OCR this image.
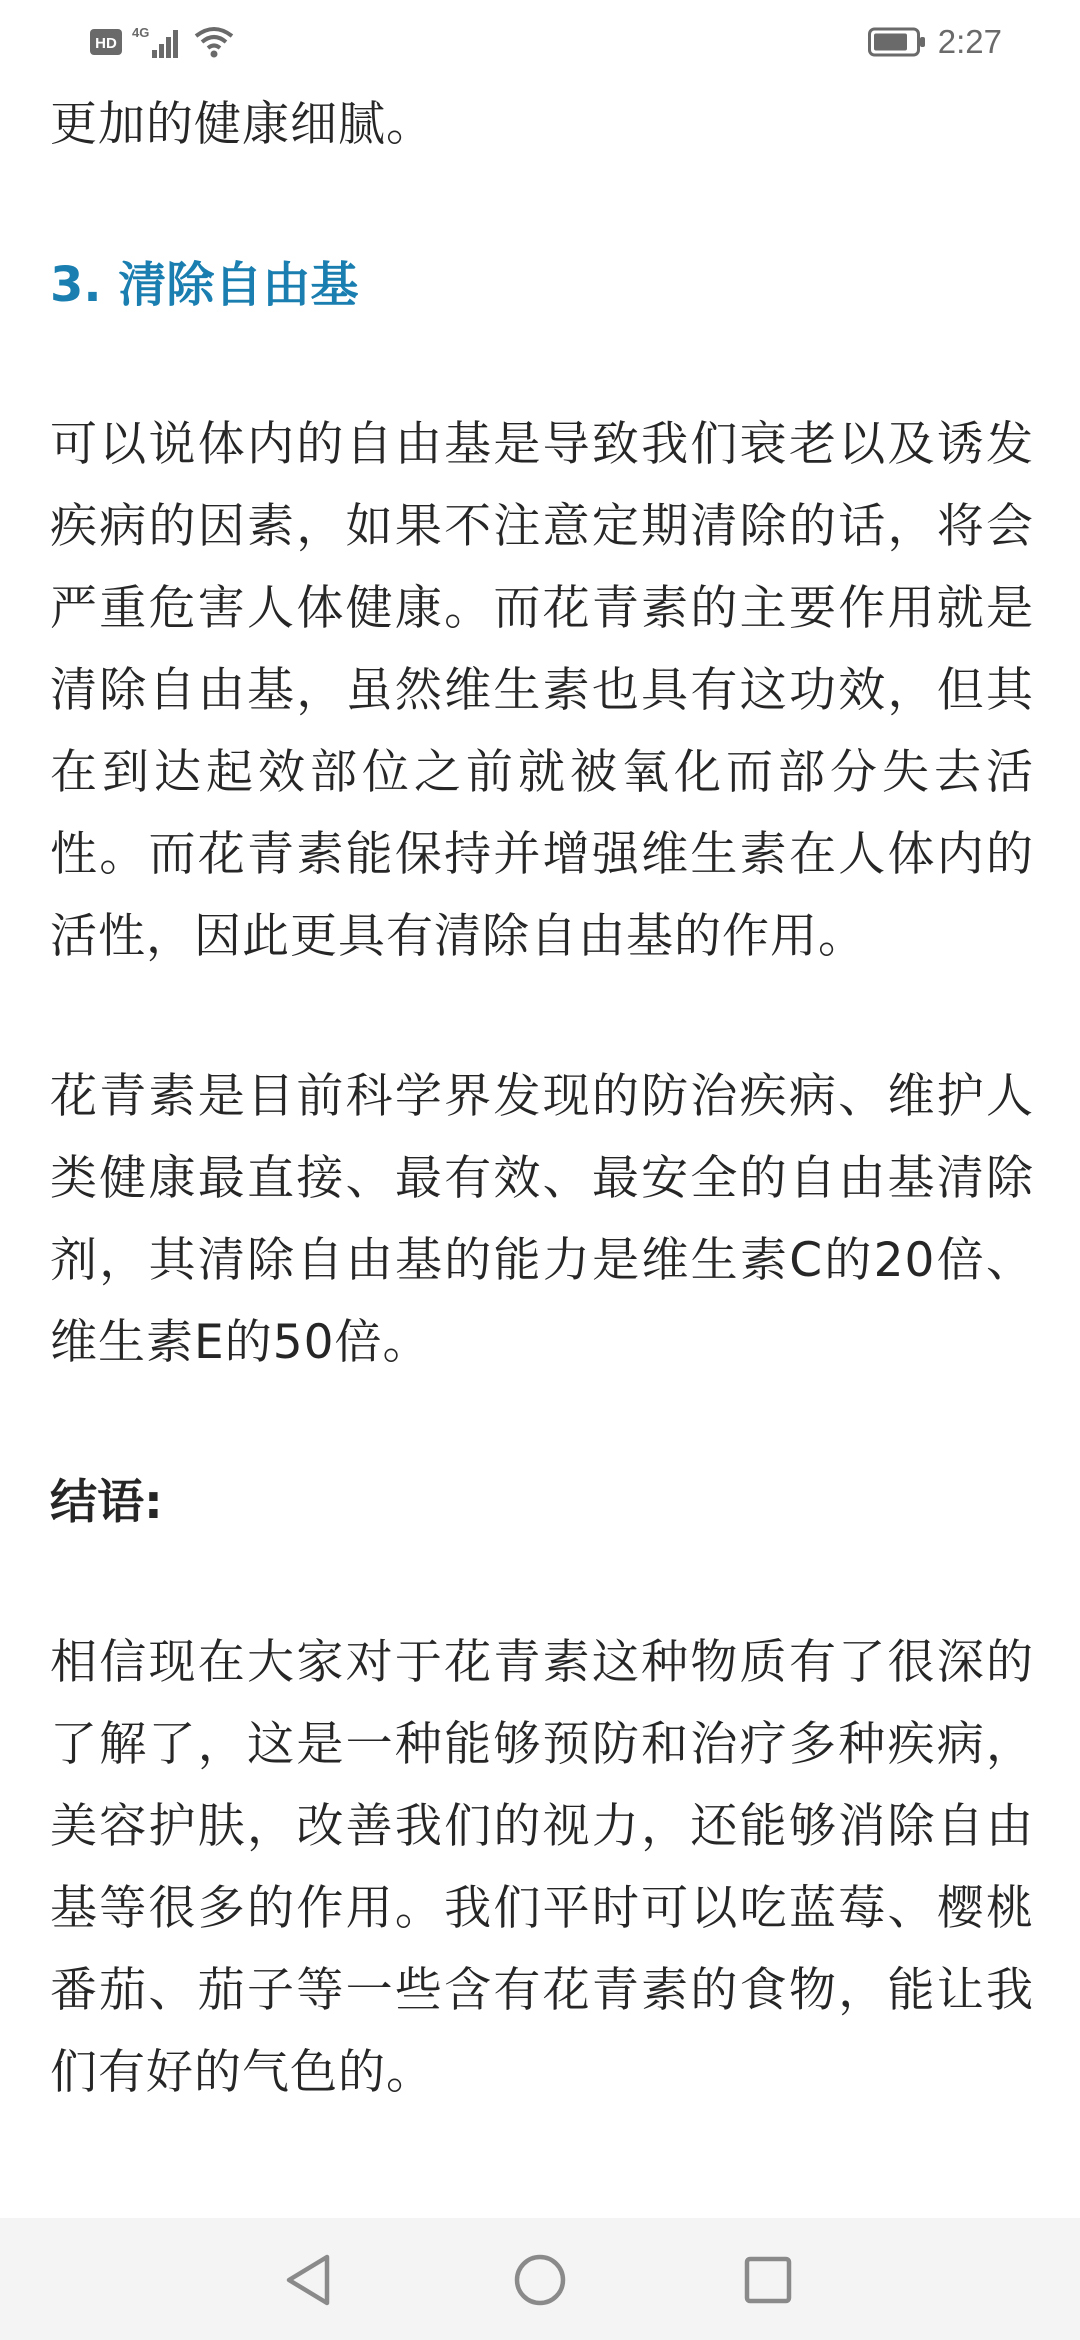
HD
4G	2:27

更加的健康细腻。

3. 清除自由基

可以说体内的自由基是导致我们衰老以及诱发疾病的因素，如果不注意定期清除的话，将会严重危害人体健康。而花青素的主要作用就是清除自由基，虽然维生素也具有这功效，但其在到达起效部位之前就被氧化而部分失去活性。而花青素能保持并增强维生素在人体内的活性，因此更具有清除自由基的作用。

花青素是目前科学界发现的防治疾病、维护人类健康最直接、最有效、最安全的自由基清除剂，其清除自由基的能力是维生素C的20倍、维生素E的50倍。

结语:

相信现在大家对于花青素这种物质有了很深的了解了，这是一种能够预防和治疗多种疾病，美容护肤，改善我们的视力，还能够消除自由基等很多的作用。我们平时可以吃蓝莓、樱桃番茄、茄子等一些含有花青素的食物，能让我们有好的气色的。
